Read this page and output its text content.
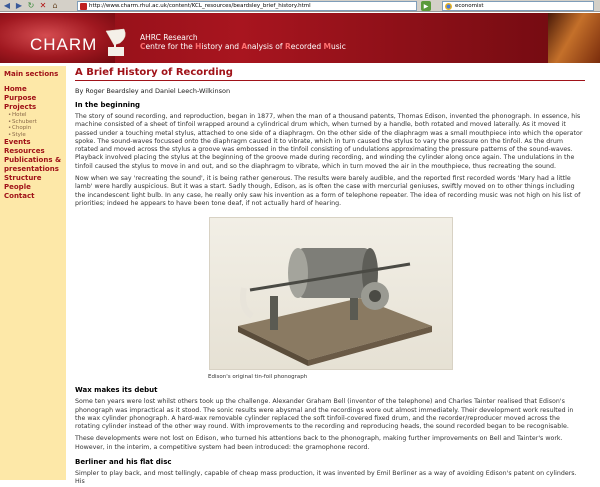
◀ ▶ ↻ ✕ ⌂	http://www.charm.rhul.ac.uk/content/KCL_resources/beardsley_brief_history.html	▶	economist
CHARM	AHRC Research
Centre for the History and Analysis of Recorded Music
Main sections
Home
Purpose
Projects
• Hotel
• Schubert
• Chopin
• Style
Events
Resources
Publications & presentations
Structure
People
Contact
A Brief History of Recording
By Roger Beardsley and Daniel Leech-Wilkinson
In the beginning

The story of sound recording, and reproduction, began in 1877, when the man of a thousand patents, Thomas Edison, invented the phonograph. In essence, his machine consisted of a sheet of tinfoil wrapped around a cylindrical drum which, when turned by a handle, both rotated and moved laterally. As it moved it passed under a touching metal stylus, attached to one side of a diaphragm. On the other side of the diaphragm was a small mouthpiece into which the operator spoke. The sound-waves focussed onto the diaphragm caused it to vibrate, which in turn caused the stylus to vary the pressure on the tinfoil. As the drum rotated and moved across the stylus a groove was embossed in the tinfoil consisting of undulations approximating the pressure patterns of the sound-waves. Playback involved placing the stylus at the beginning of the groove made during recording, and winding the cylinder along once again. The undulations in the tinfoil caused the stylus to move in and out, and so the diaphragm to vibrate, which in turn moved the air in the mouthpiece, thus recreating the sound.

Now when we say 'recreating the sound', it is being rather generous. The results were barely audible, and the reported first recorded words 'Mary had a little lamb' were hardly auspicious. But it was a start. Sadly though, Edison, as is often the case with mercurial geniuses, swiftly moved on to other things including the incandescent light bulb. In any case, he really only saw his invention as a form of telephone repeater. The idea of recording music was not high on his list of priorities; indeed he appears to have been tone deaf, if not actually hard of hearing.

Edison's original tin-foil phonograph
Wax makes its debut

Some ten years were lost whilst others took up the challenge. Alexander Graham Bell (inventor of the telephone) and Charles Tainter realised that Edison's phonograph was impractical as it stood. The sonic results were abysmal and the recordings wore out almost immediately. Their development work resulted in the wax cylinder phonograph. A hard-wax removable cylinder replaced the soft tinfoil-covered fixed drum, and the recorder/reproducer moved across the rotating cylinder instead of the other way round. With improvements to the recording and reproducing heads, the sound recorded began to be recognisable.

These developments were not lost on Edison, who turned his attentions back to the phonograph, making further improvements on Bell and Tainter's work. However, in the interim, a competitive system had been introduced: the gramophone record.

Berliner and his flat disc

Simpler to play back, and most tellingly, capable of cheap mass production, it was invented by Emil Berliner as a way of avoiding Edison's patent on cylinders. His
